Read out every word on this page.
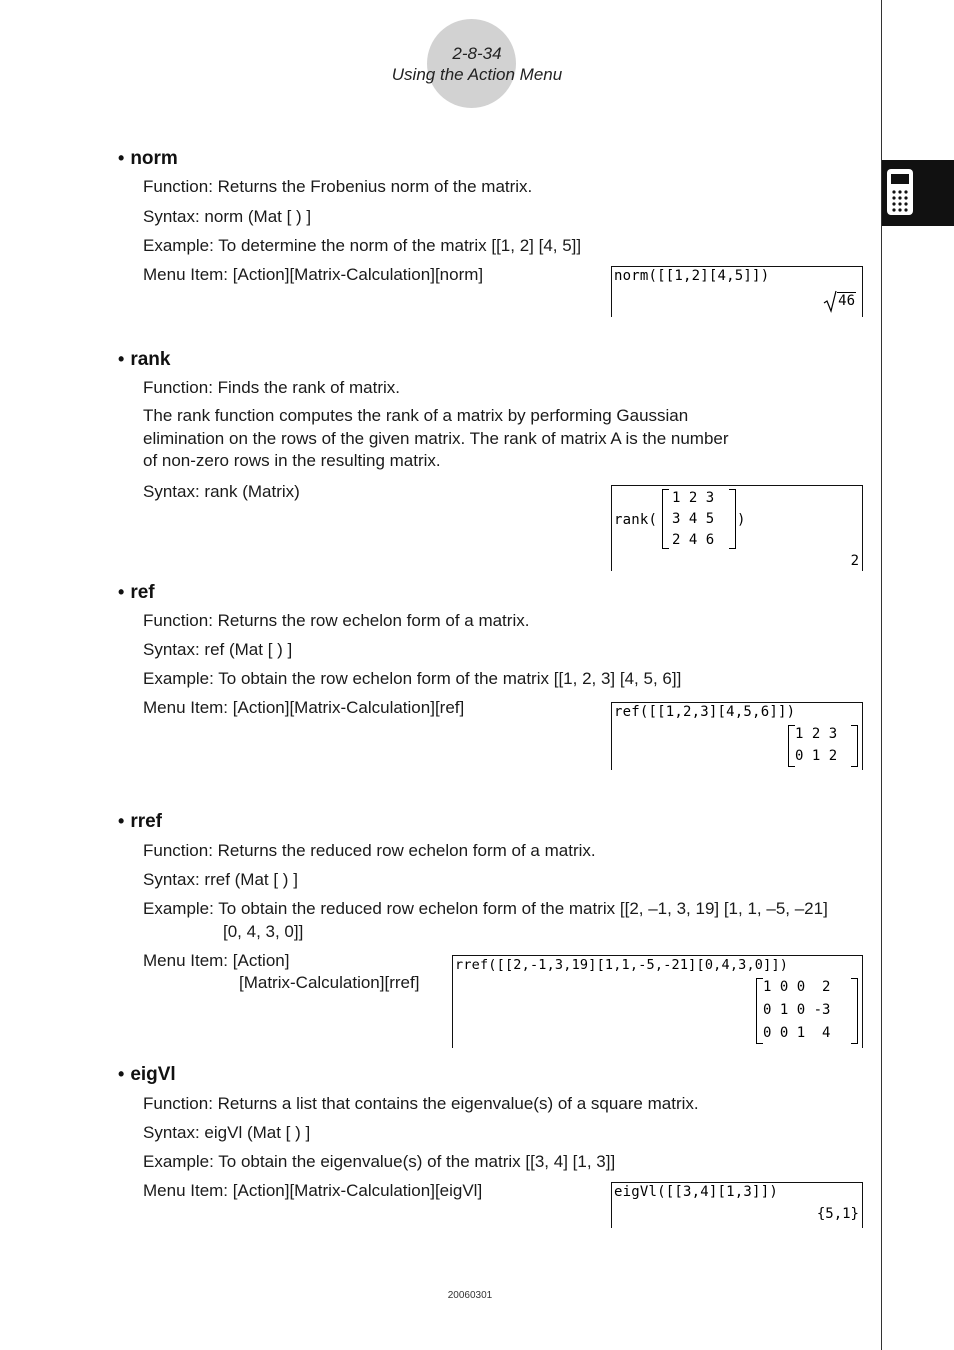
2-8-34
Using the Action Menu
• norm
Function: Returns the Frobenius norm of the matrix.
Syntax: norm (Mat [ ) ]
Example: To determine the norm of the matrix [[1, 2] [4, 5]]
Menu Item: [Action][Matrix-Calculation][norm]	norm([[1,2][4,5]])
46
• rank
Function: Finds the rank of matrix.
The rank function computes the rank of a matrix by performing Gaussian elimination on the rows of the given matrix. The rank of matrix A is the number of non-zero rows in the resulting matrix.
Syntax: rank (Matrix)
rank(
1 2 3
3 4 5
2 4 6
)
2
• ref
Function: Returns the row echelon form of a matrix.
Syntax: ref (Mat [ ) ]
Example: To obtain the row echelon form of the matrix [[1, 2, 3] [4, 5, 6]]
Menu Item: [Action][Matrix-Calculation][ref]	ref([[1,2,3][4,5,6]])
1 2 3
0 1 2
• rref
Function: Returns the reduced row echelon form of a matrix.
Syntax: rref (Mat [ ) ]
Example: To obtain the reduced row echelon form of the matrix [[2, –1, 3, 19] [1, 1, –5, –21]
[0, 4, 3, 0]]
Menu Item: [Action]
[Matrix-Calculation][rref]
rref([[2,-1,3,19][1,1,-5,-21][0,4,3,0]])
1 0 0  2
0 1 0 -3
0 0 1  4
• eigVl
Function: Returns a list that contains the eigenvalue(s) of a square matrix.
Syntax: eigVl (Mat [ ) ]
Example: To obtain the eigenvalue(s) of the matrix [[3, 4] [1, 3]]
Menu Item: [Action][Matrix-Calculation][eigVl]	eigVl([[3,4][1,3]])
{5,1}
20060301
